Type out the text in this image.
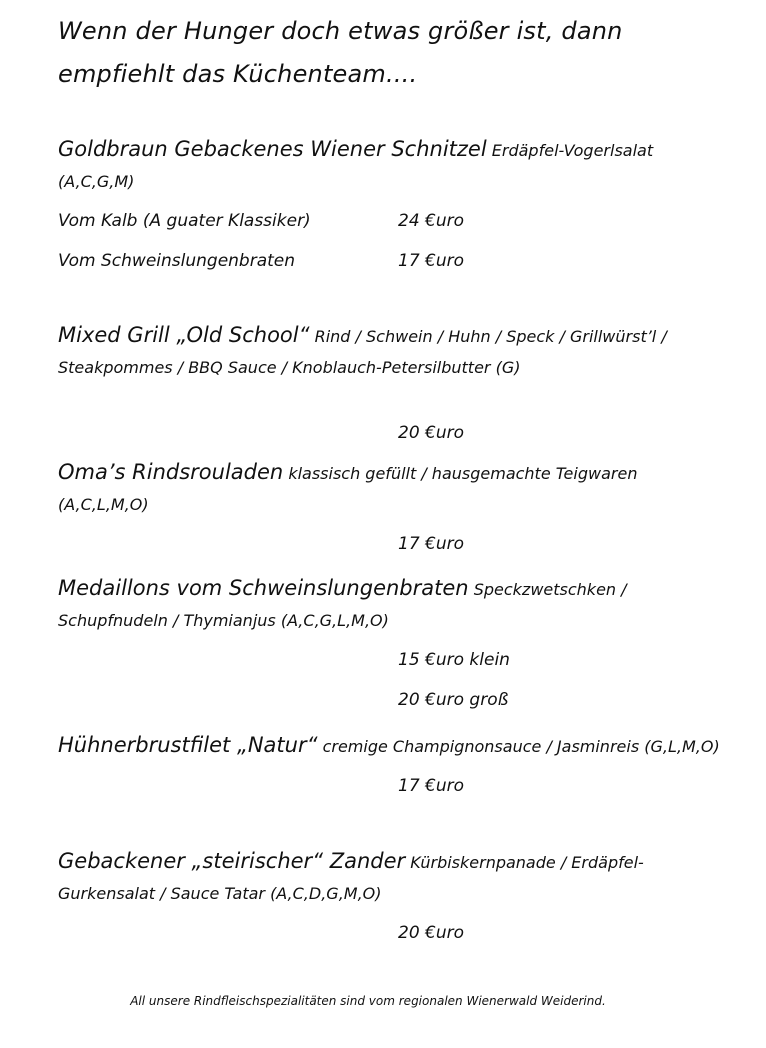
Wenn der Hunger doch etwas größer ist, dann
empfiehlt das Küchenteam....
Goldbraun Gebackenes Wiener Schnitzel Erdäpfel-Vogerlsalat (A,C,G,M)
Vom Kalb (A guater Klassiker)	24 €uro
Vom Schweinslungenbraten	17 €uro
Mixed Grill „Old School“ Rind / Schwein / Huhn / Speck / Grillwürst’l / Steakpommes / BBQ Sauce / Knoblauch-Petersilbutter (G)
20 €uro
Oma’s Rindsrouladen klassisch gefüllt / hausgemachte Teigwaren (A,C,L,M,O)
17 €uro
Medaillons vom Schweinslungenbraten Speckzwetschken / Schupfnudeln / Thymianjus (A,C,G,L,M,O)
15 €uro klein
20 €uro groß
Hühnerbrustfilet „Natur“ cremige Champignonsauce / Jasminreis (G,L,M,O)
17 €uro
Gebackener „steirischer“ Zander Kürbiskernpanade / Erdäpfel-Gurkensalat / Sauce Tatar (A,C,D,G,M,O)
20 €uro
All unsere Rindfleischspezialitäten sind vom regionalen Wienerwald Weiderind.
